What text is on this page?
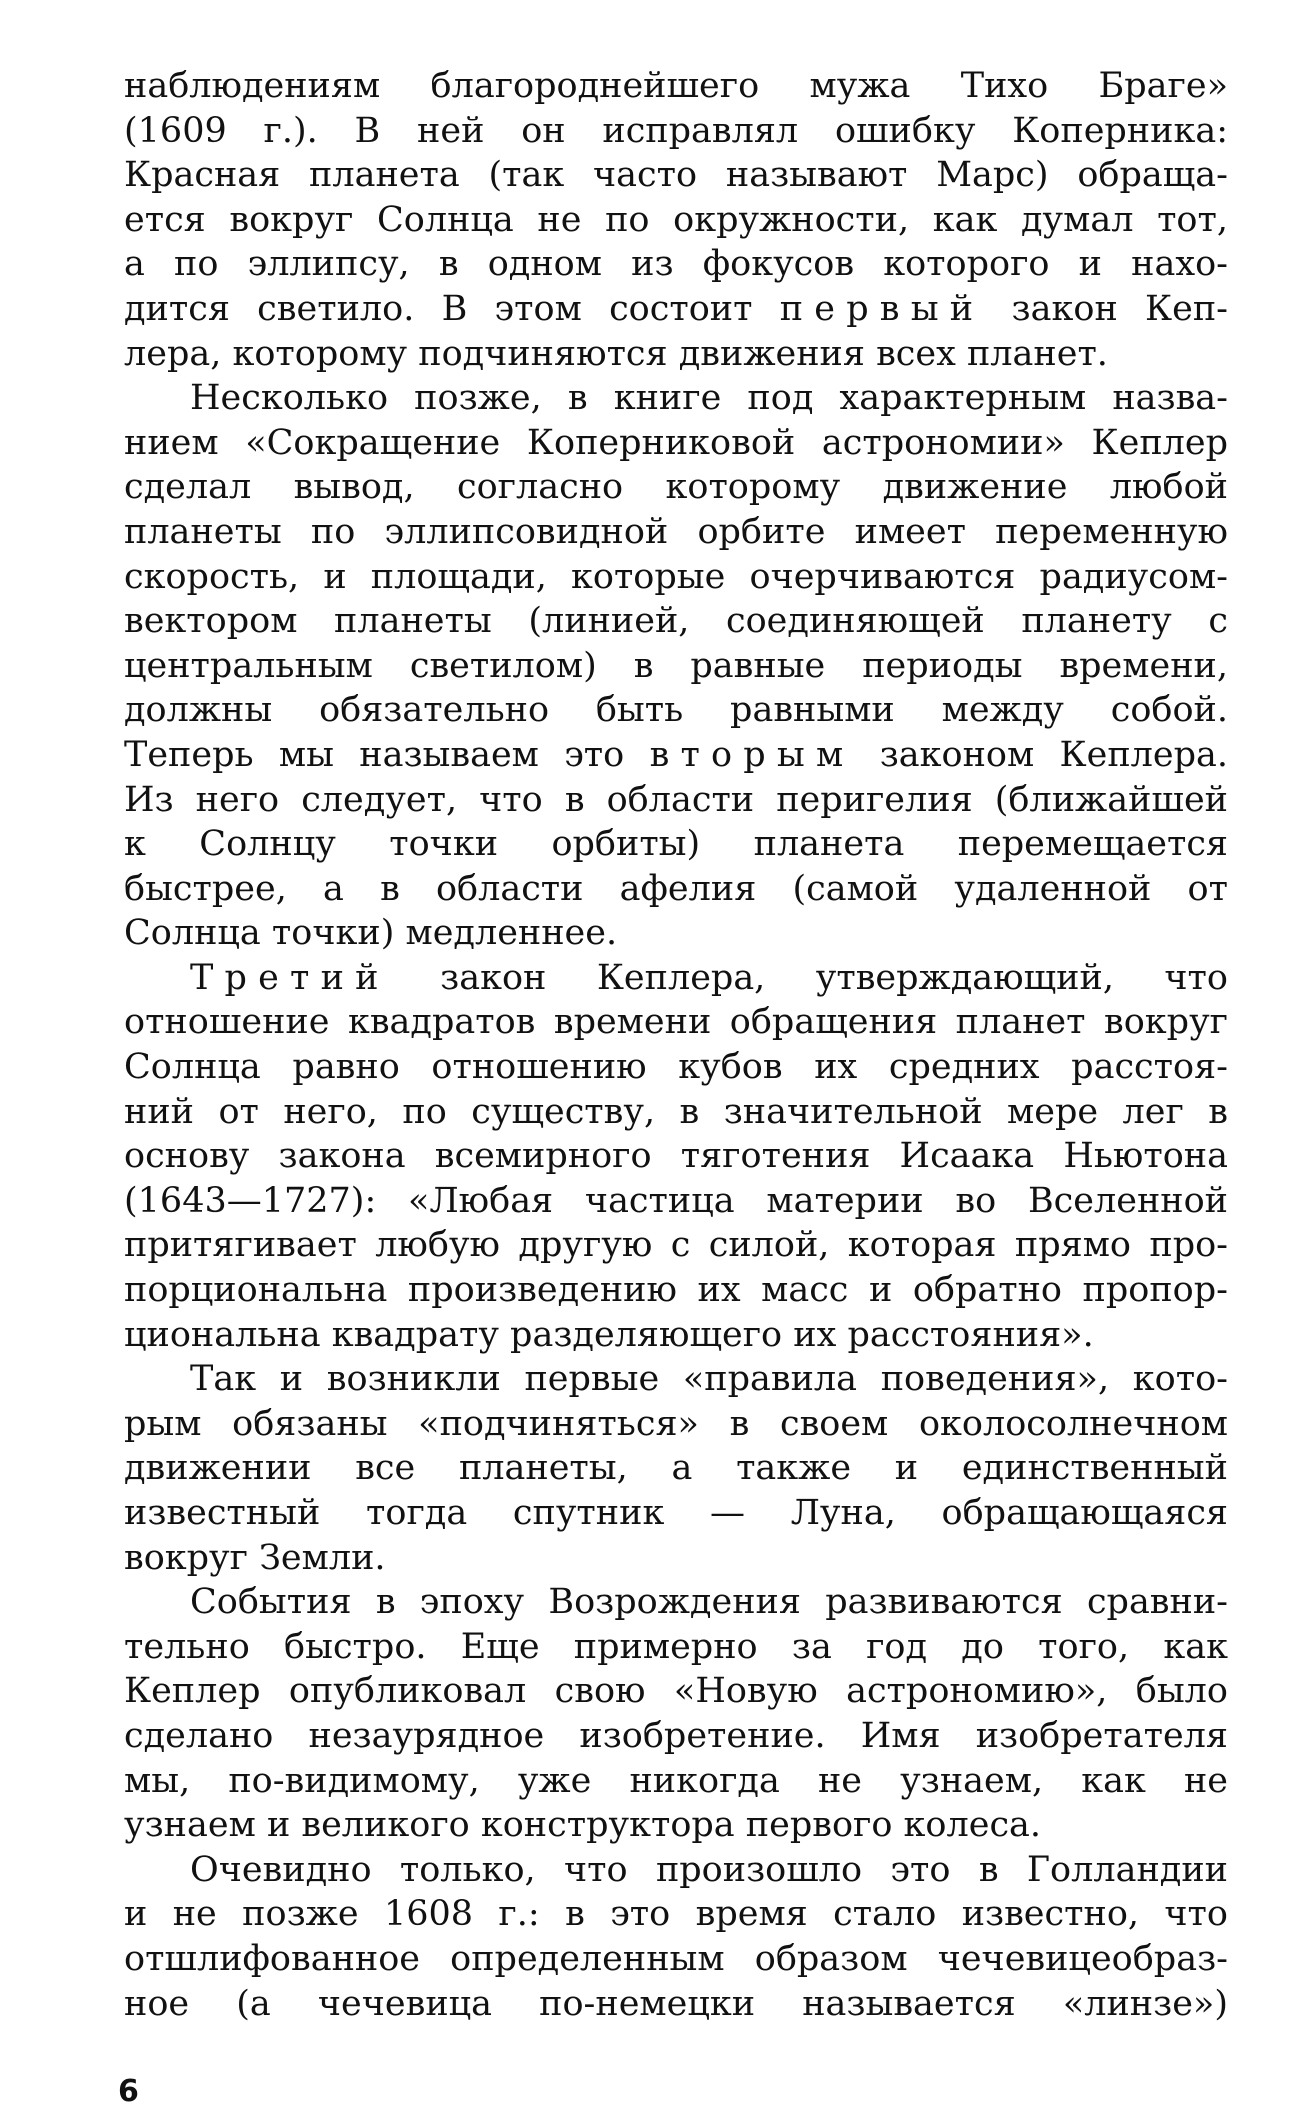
наблюдениям благороднейшего мужа Тихо Браге»
(1609 г.). В ней он исправлял ошибку Коперника:
Красная планета (так часто называют Марс) обраща-
ется вокруг Солнца не по окружности, как думал тот,
а по эллипсу, в одном из фокусов которого и нахо-
дится светило. В этом состоит первый закон Кеп-
лера, которому подчиняются движения всех планет.
Несколько позже, в книге под характерным назва-
нием «Сокращение Коперниковой астрономии» Кеплер
сделал вывод, согласно которому движение любой
планеты по эллипсовидной орбите имеет переменную
скорость, и площади, которые очерчиваются радиусом-
вектором планеты (линией, соединяющей планету с
центральным светилом) в равные периоды времени,
должны обязательно быть равными между собой.
Теперь мы называем это вторым законом Кеплера.
Из него следует, что в области перигелия (ближайшей
к Солнцу точки орбиты) планета перемещается
быстрее, а в области афелия (самой удаленной от
Солнца точки) медленнее.
Третий закон Кеплера, утверждающий, что
отношение квадратов времени обращения планет вокруг
Солнца равно отношению кубов их средних расстоя-
ний от него, по существу, в значительной мере лег в
основу закона всемирного тяготения Исаака Ньютона
(1643—1727): «Любая частица материи во Вселенной
притягивает любую другую с силой, которая прямо про-
порциональна произведению их масс и обратно пропор-
циональна квадрату разделяющего их расстояния».
Так и возникли первые «правила поведения», кото-
рым обязаны «подчиняться» в своем околосолнечном
движении все планеты, а также и единственный
известный тогда спутник — Луна, обращающаяся
вокруг Земли.
События в эпоху Возрождения развиваются сравни-
тельно быстро. Еще примерно за год до того, как
Кеплер опубликовал свою «Новую астрономию», было
сделано незаурядное изобретение. Имя изобретателя
мы, по-видимому, уже никогда не узнаем, как не
узнаем и великого конструктора первого колеса.
Очевидно только, что произошло это в Голландии
и не позже 1608 г.: в это время стало известно, что
отшлифованное определенным образом чечевицеобраз-
ное (а чечевица по-немецки называется «линзе»)
6
